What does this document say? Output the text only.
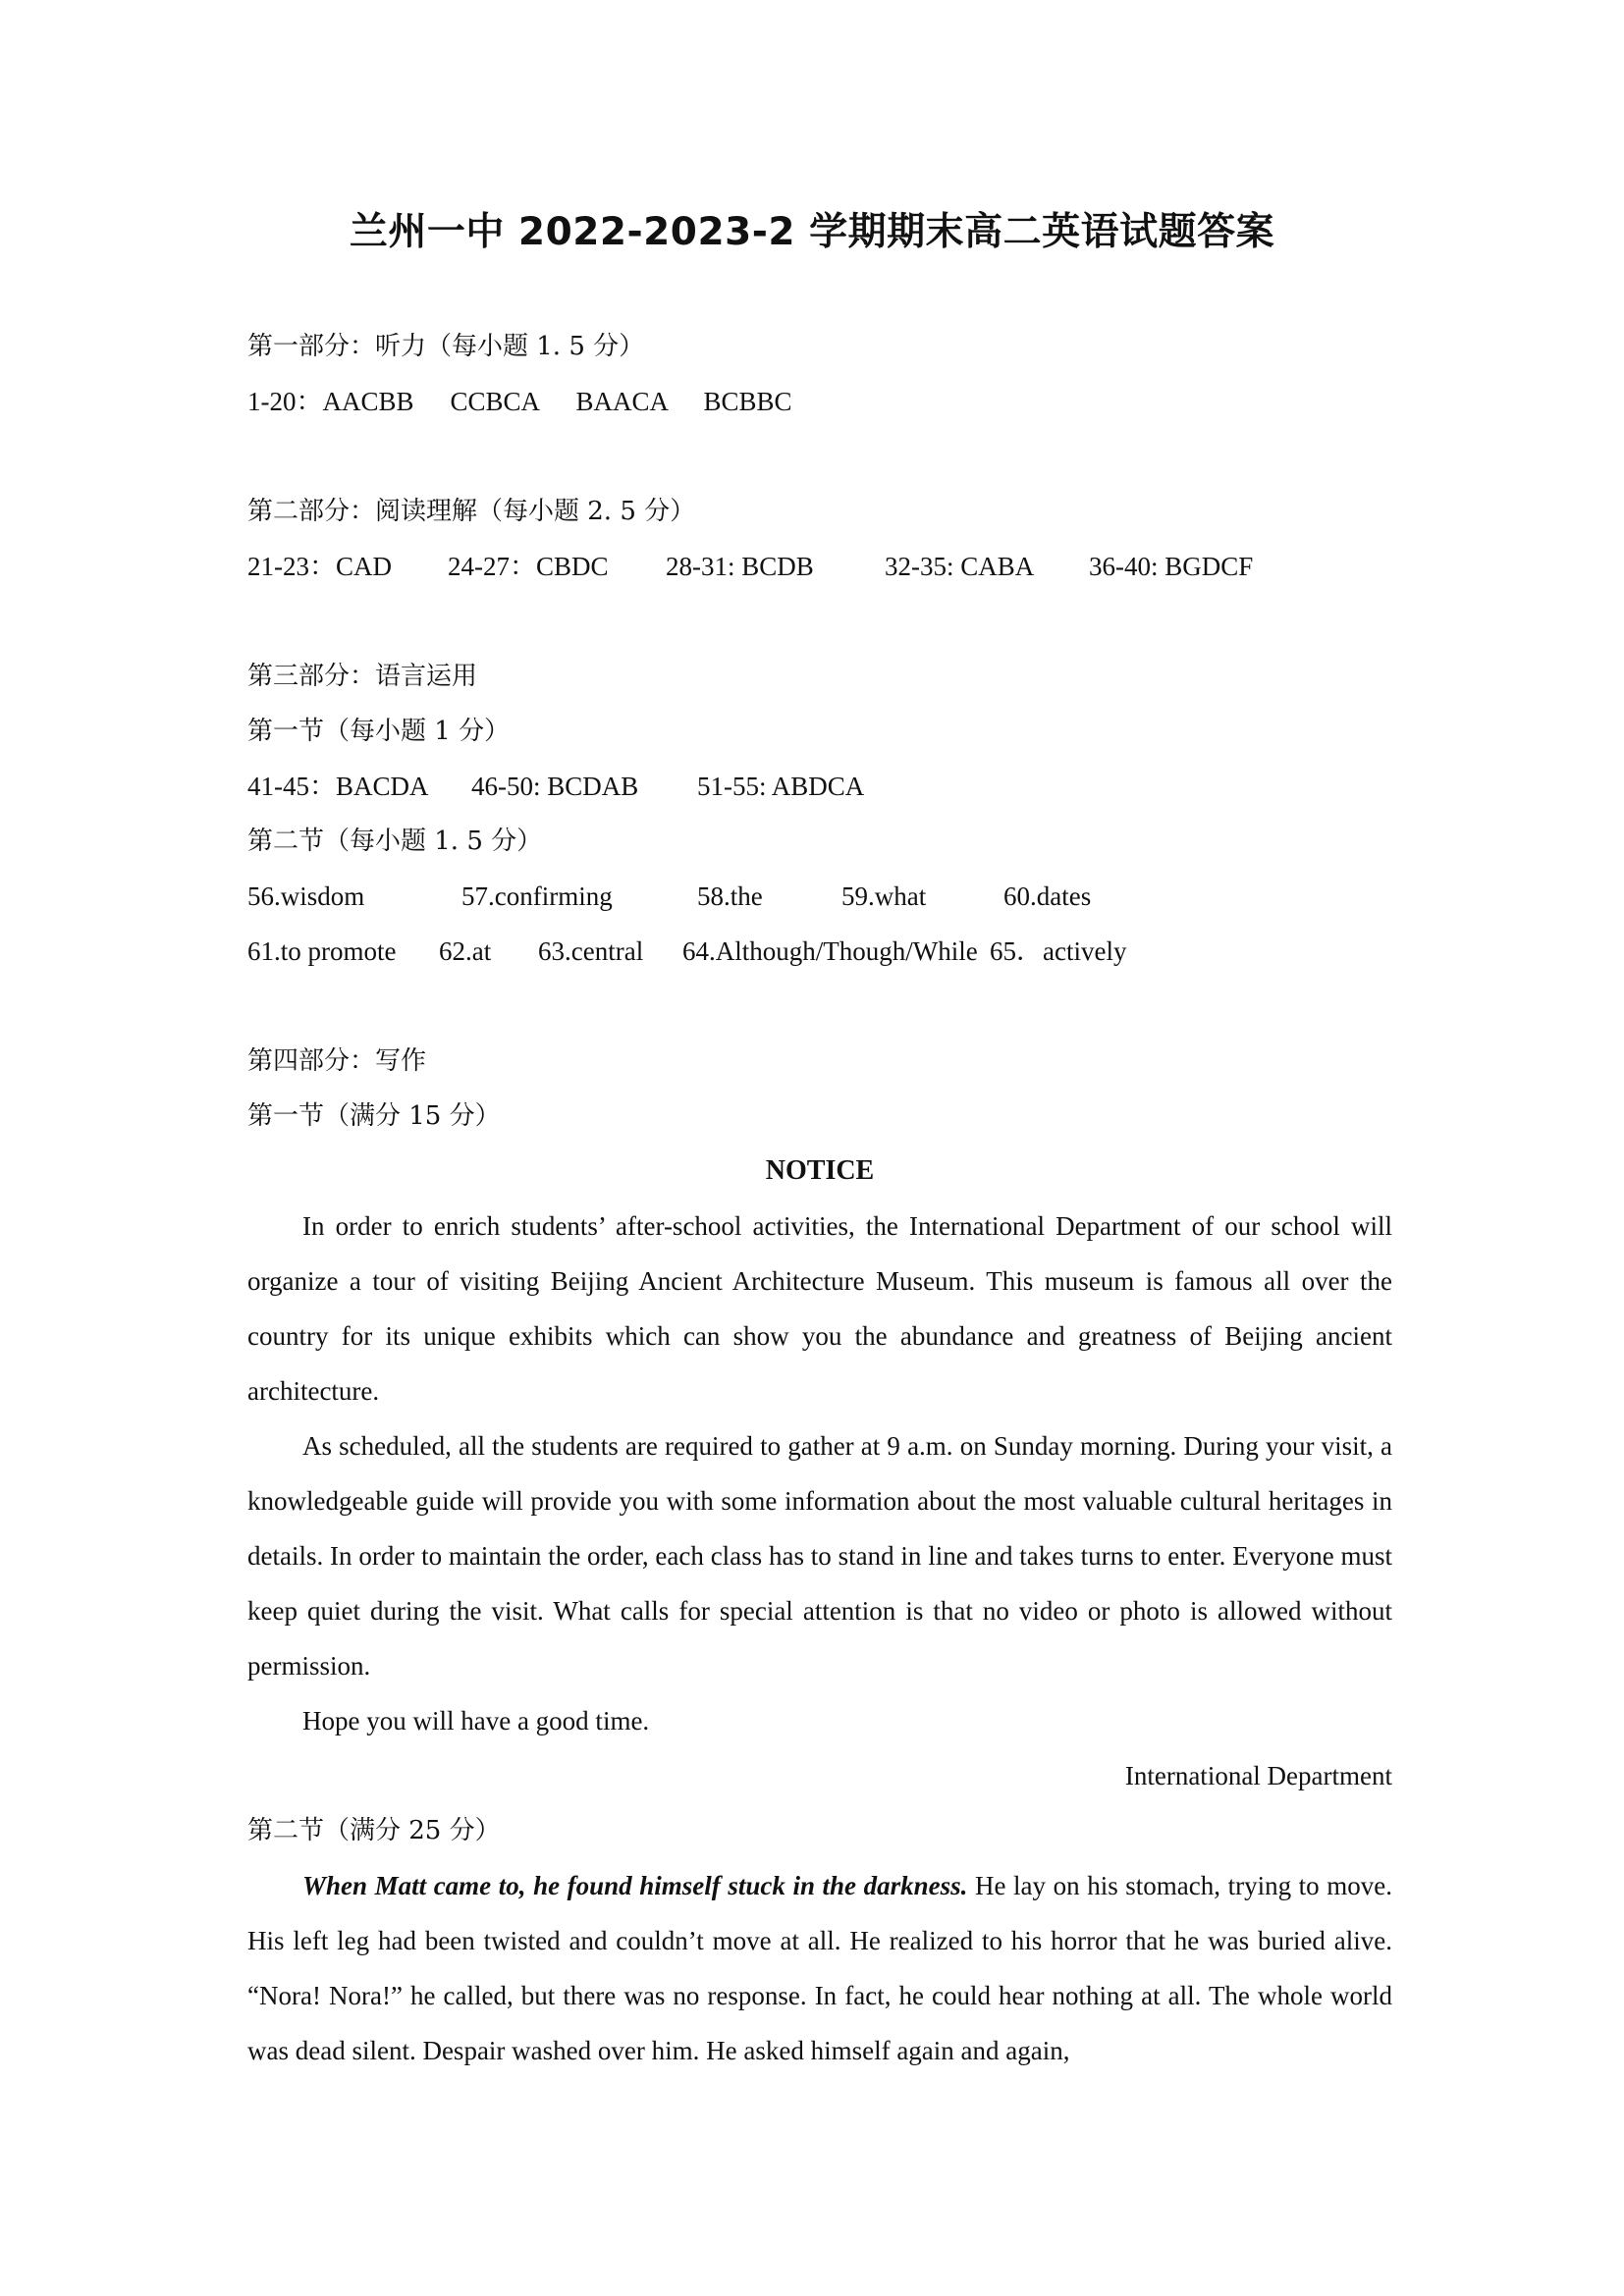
兰州一中 2022-2023-2 学期期末高二英语试题答案
第一部分：听力（每小题 1. 5 分）
1-20： AACBB	CCBCA	BAACA	BCBBC
第二部分：阅读理解（每小题 2. 5 分）
21-23：CAD	24-27：CBDC	28-31: BCDB	32-35: CABA	36-40: BGDCF
第三部分：语言运用
第一节（每小题 1 分）
41-45：BACDA	46-50: BCDAB	51-55: ABDCA
第二节（每小题 1. 5 分）
56.wisdom	57.confirming	58.the	59.what	60.dates
61.to promote	62.at	63.central	64.Although/Though/While 65．actively
第四部分：写作
第一节（满分 15 分）
NOTICE

In order to enrich students’ after-school activities, the International Department of our school will organize a tour of visiting Beijing Ancient Architecture Museum. This museum is famous all over the country for its unique exhibits which can show you the abundance and greatness of Beijing ancient architecture.

As scheduled, all the students are required to gather at 9 a.m. on Sunday morning. During your visit, a knowledgeable guide will provide you with some information about the most valuable cultural heritages in details. In order to maintain the order, each class has to stand in line and takes turns to enter. Everyone must keep quiet during the visit. What calls for special attention is that no video or photo is allowed without permission.

Hope you will have a good time.

International Department
第二节（满分 25 分）

When Matt came to, he found himself stuck in the darkness. He lay on his stomach, trying to move. His left leg had been twisted and couldn’t move at all. He realized to his horror that he was buried alive. “Nora! Nora!” he called, but there was no response. In fact, he could hear nothing at all. The whole world was dead silent. Despair washed over him. He asked himself again and again,
